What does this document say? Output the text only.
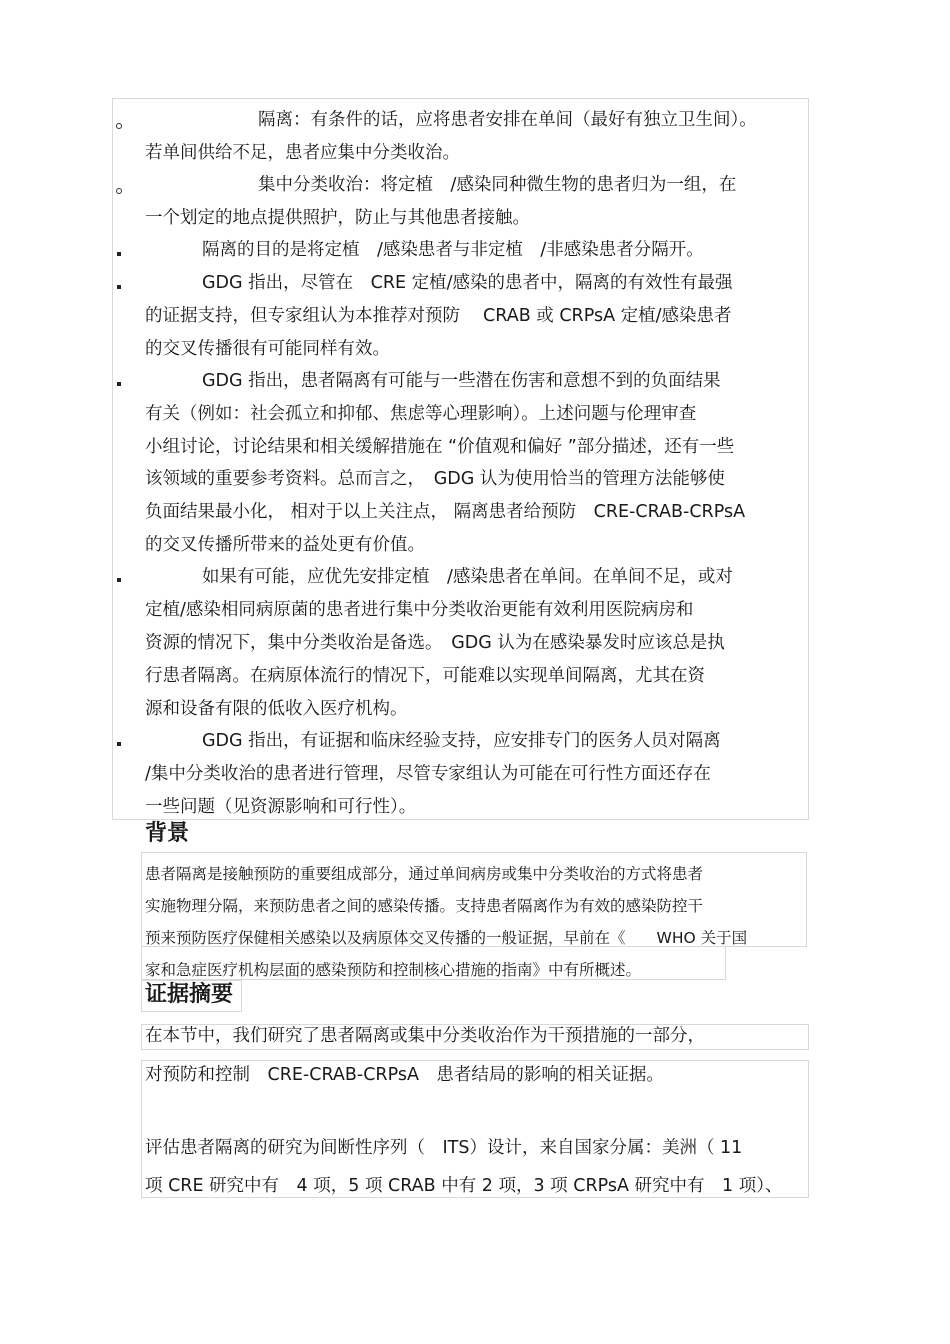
隔离：有条件的话，应将患者安排在单间（最好有独立卫生间）。
若单间供给不足，患者应集中分类收治。
集中分类收治：将定植　/感染同种微生物的患者归为一组，在
一个划定的地点提供照护，防止与其他患者接触。
隔离的目的是将定植　/感染患者与非定植　/非感染患者分隔开。
GDG 指出，尽管在　CRE 定植/感染的患者中，隔离的有效性有最强
的证据支持，但专家组认为本推荐对预防　 CRAB 或 CRPsA 定植/感染患者
的交叉传播很有可能同样有效。
GDG 指出，患者隔离有可能与一些潜在伤害和意想不到的负面结果
有关（例如：社会孤立和抑郁、焦虑等心理影响）。上述问题与伦理审查
小组讨论，讨论结果和相关缓解措施在 “价值观和偏好 ”部分描述，还有一些
该领域的重要参考资料。总而言之，　GDG 认为使用恰当的管理方法能够使
负面结果最小化， 相对于以上关注点， 隔离患者给预防　CRE-CRAB-CRPsA
的交叉传播所带来的益处更有价值。
如果有可能，应优先安排定植　/感染患者在单间。在单间不足，或对
定植/感染相同病原菌的患者进行集中分类收治更能有效利用医院病房和
资源的情况下，集中分类收治是备选。　GDG 认为在感染暴发时应该总是执
行患者隔离。在病原体流行的情况下，可能难以实现单间隔离，尤其在资
源和设备有限的低收入医疗机构。
GDG 指出，有证据和临床经验支持，应安排专门的医务人员对隔离
/集中分类收治的患者进行管理，尽管专家组认为可能在可行性方面还存在
一些问题（见资源影响和可行性）。
背景
患者隔离是接触预防的重要组成部分，通过单间病房或集中分类收治的方式将患者
实施物理分隔，来预防患者之间的感染传播。支持患者隔离作为有效的感染防控干
预来预防医疗保健相关感染以及病原体交叉传播的一般证据，早前在《　　WHO 关于国
家和急症医疗机构层面的感染预防和控制核心措施的指南》中有所概述。
证据摘要
在本节中，我们研究了患者隔离或集中分类收治作为干预措施的一部分，
对预防和控制　CRE-CRAB-CRPsA　患者结局的影响的相关证据。
评估患者隔离的研究为间断性序列（　ITS）设计，来自国家分属：美洲（ 11
项 CRE 研究中有　4 项，5 项 CRAB 中有 2 项，3 项 CRPsA 研究中有　1 项）、
